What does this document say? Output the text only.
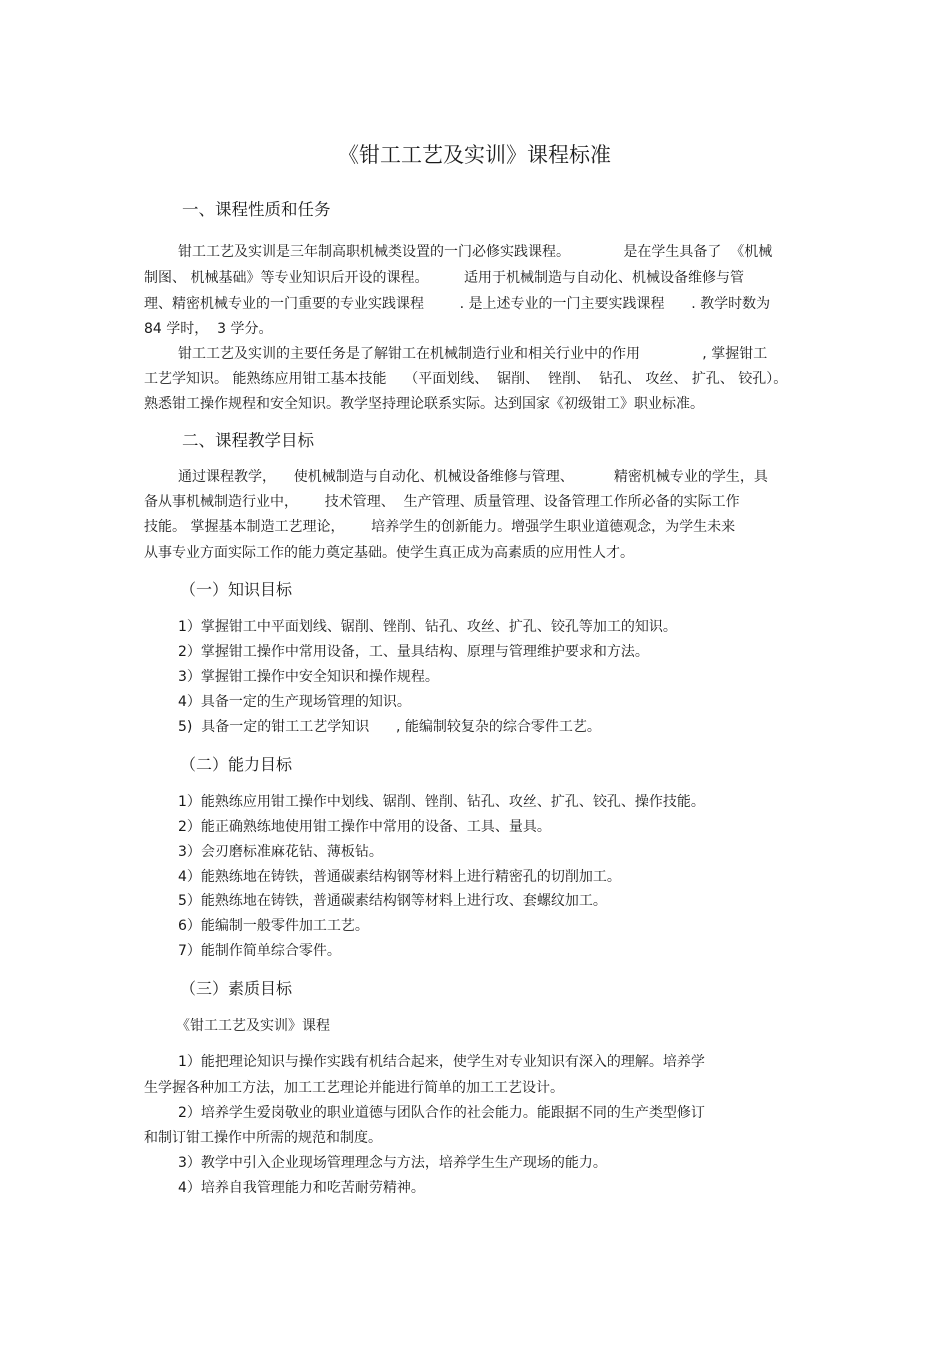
《钳工工艺及实训》课程标准
一、课程性质和任务
钳工工艺及实训是三年制高职机械类设置的一门必修实践课程。            是在学生具备了  《机械
制图、 机械基础》等专业知识后开设的课程。        适用于机械制造与自动化、机械设备维修与管
理、精密机械专业的一门重要的专业实践课程        . 是上述专业的一门主要实践课程      . 教学时数为
84 学时，  3 学分。
钳工工艺及实训的主要任务是了解钳工在机械制造行业和相关行业中的作用              , 掌握钳工
工艺学知识。 能熟练应用钳工基本技能    （平面划线、  锯削、  锉削、  钻孔、 攻丝、 扩孔、 铰孔）。
熟悉钳工操作规程和安全知识。教学坚持理论联系实际。达到国家《初级钳工》职业标准。
二、课程教学目标
通过课程教学，    使机械制造与自动化、机械设备维修与管理、         精密机械专业的学生，具
备从事机械制造行业中，      技术管理、  生产管理、质量管理、设备管理工作所必备的实际工作
技能。 掌握基本制造工艺理论，      培养学生的创新能力。增强学生职业道德观念，为学生未来
从事专业方面实际工作的能力奠定基础。使学生真正成为高素质的应用性人才。
（一）知识目标
1）掌握钳工中平面划线、锯削、锉削、钻孔、攻丝、扩孔、铰孔等加工的知识。
2）掌握钳工操作中常用设备，工、量具结构、原理与管理维护要求和方法。
3）掌握钳工操作中安全知识和操作规程。
4）具备一定的生产现场管理的知识。
5)  具备一定的钳工工艺学知识      , 能编制较复杂的综合零件工艺。
（二）能力目标
1）能熟练应用钳工操作中划线、锯削、锉削、钻孔、攻丝、扩孔、铰孔、操作技能。
2）能正确熟练地使用钳工操作中常用的设备、工具、量具。
3）会刃磨标准麻花钻、薄板钻。
4）能熟练地在铸铁，普通碳素结构钢等材料上进行精密孔的切削加工。
5）能熟练地在铸铁，普通碳素结构钢等材料上进行攻、套螺纹加工。
6）能编制一般零件加工工艺。
7）能制作简单综合零件。
（三）素质目标
《钳工工艺及实训》课程
1）能把理论知识与操作实践有机结合起来，使学生对专业知识有深入的理解。培养学
生学握各种加工方法，加工工艺理论并能进行简单的加工工艺设计。
2）培养学生爱岗敬业的职业道德与团队合作的社会能力。能跟据不同的生产类型修订
和制订钳工操作中所需的规范和制度。
3）教学中引入企业现场管理理念与方法，培养学生生产现场的能力。
4）培养自我管理能力和吃苦耐劳精神。
